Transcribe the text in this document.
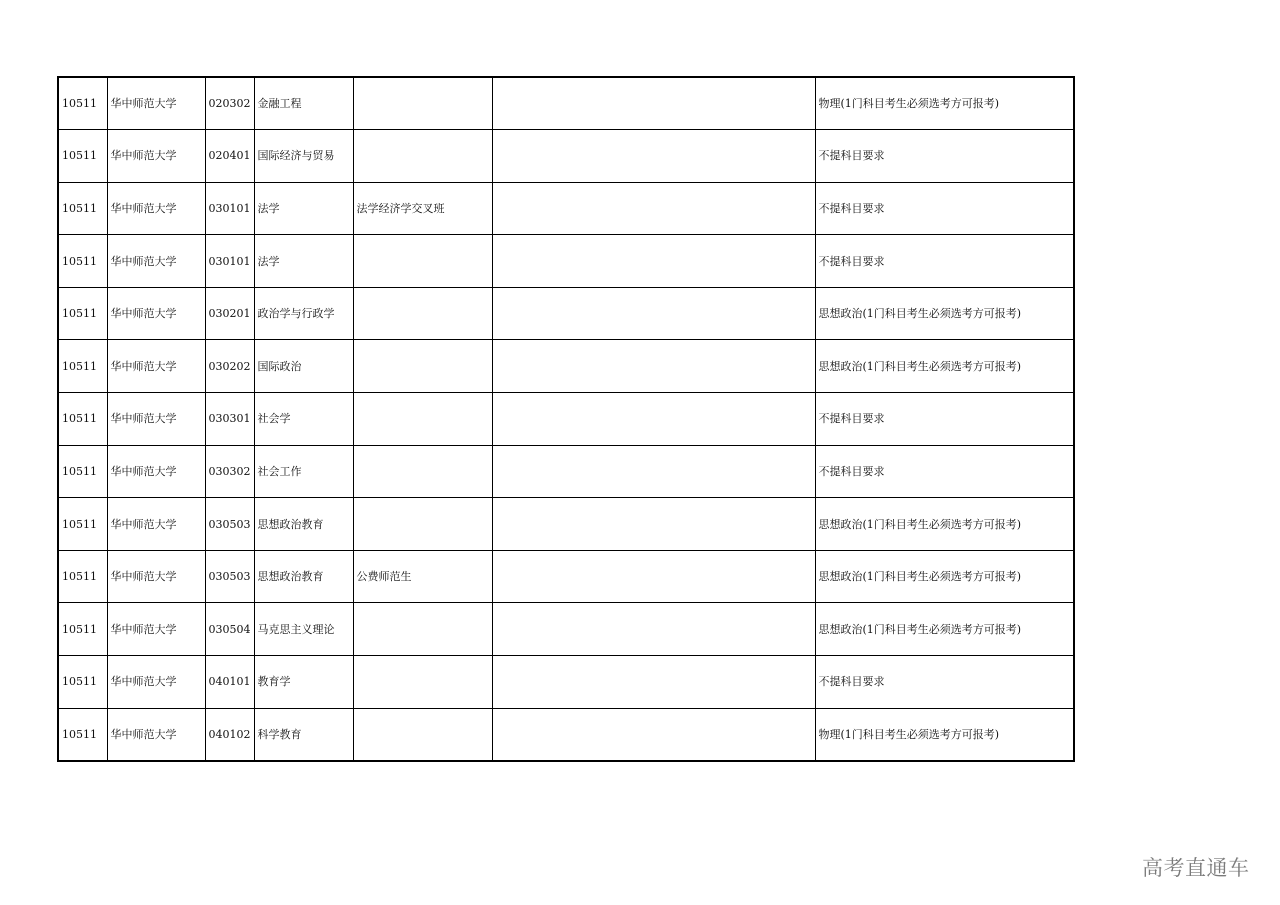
10511	华中师范大学	020302	金融工程			物理(1门科目考生必须选考方可报考)
10511	华中师范大学	020401	国际经济与贸易			不提科目要求
10511	华中师范大学	030101	法学	法学经济学交叉班		不提科目要求
10511	华中师范大学	030101	法学			不提科目要求
10511	华中师范大学	030201	政治学与行政学			思想政治(1门科目考生必须选考方可报考)
10511	华中师范大学	030202	国际政治			思想政治(1门科目考生必须选考方可报考)
10511	华中师范大学	030301	社会学			不提科目要求
10511	华中师范大学	030302	社会工作			不提科目要求
10511	华中师范大学	030503	思想政治教育			思想政治(1门科目考生必须选考方可报考)
10511	华中师范大学	030503	思想政治教育	公费师范生		思想政治(1门科目考生必须选考方可报考)
10511	华中师范大学	030504	马克思主义理论			思想政治(1门科目考生必须选考方可报考)
10511	华中师范大学	040101	教育学			不提科目要求
10511	华中师范大学	040102	科学教育			物理(1门科目考生必须选考方可报考)
高考直通车
